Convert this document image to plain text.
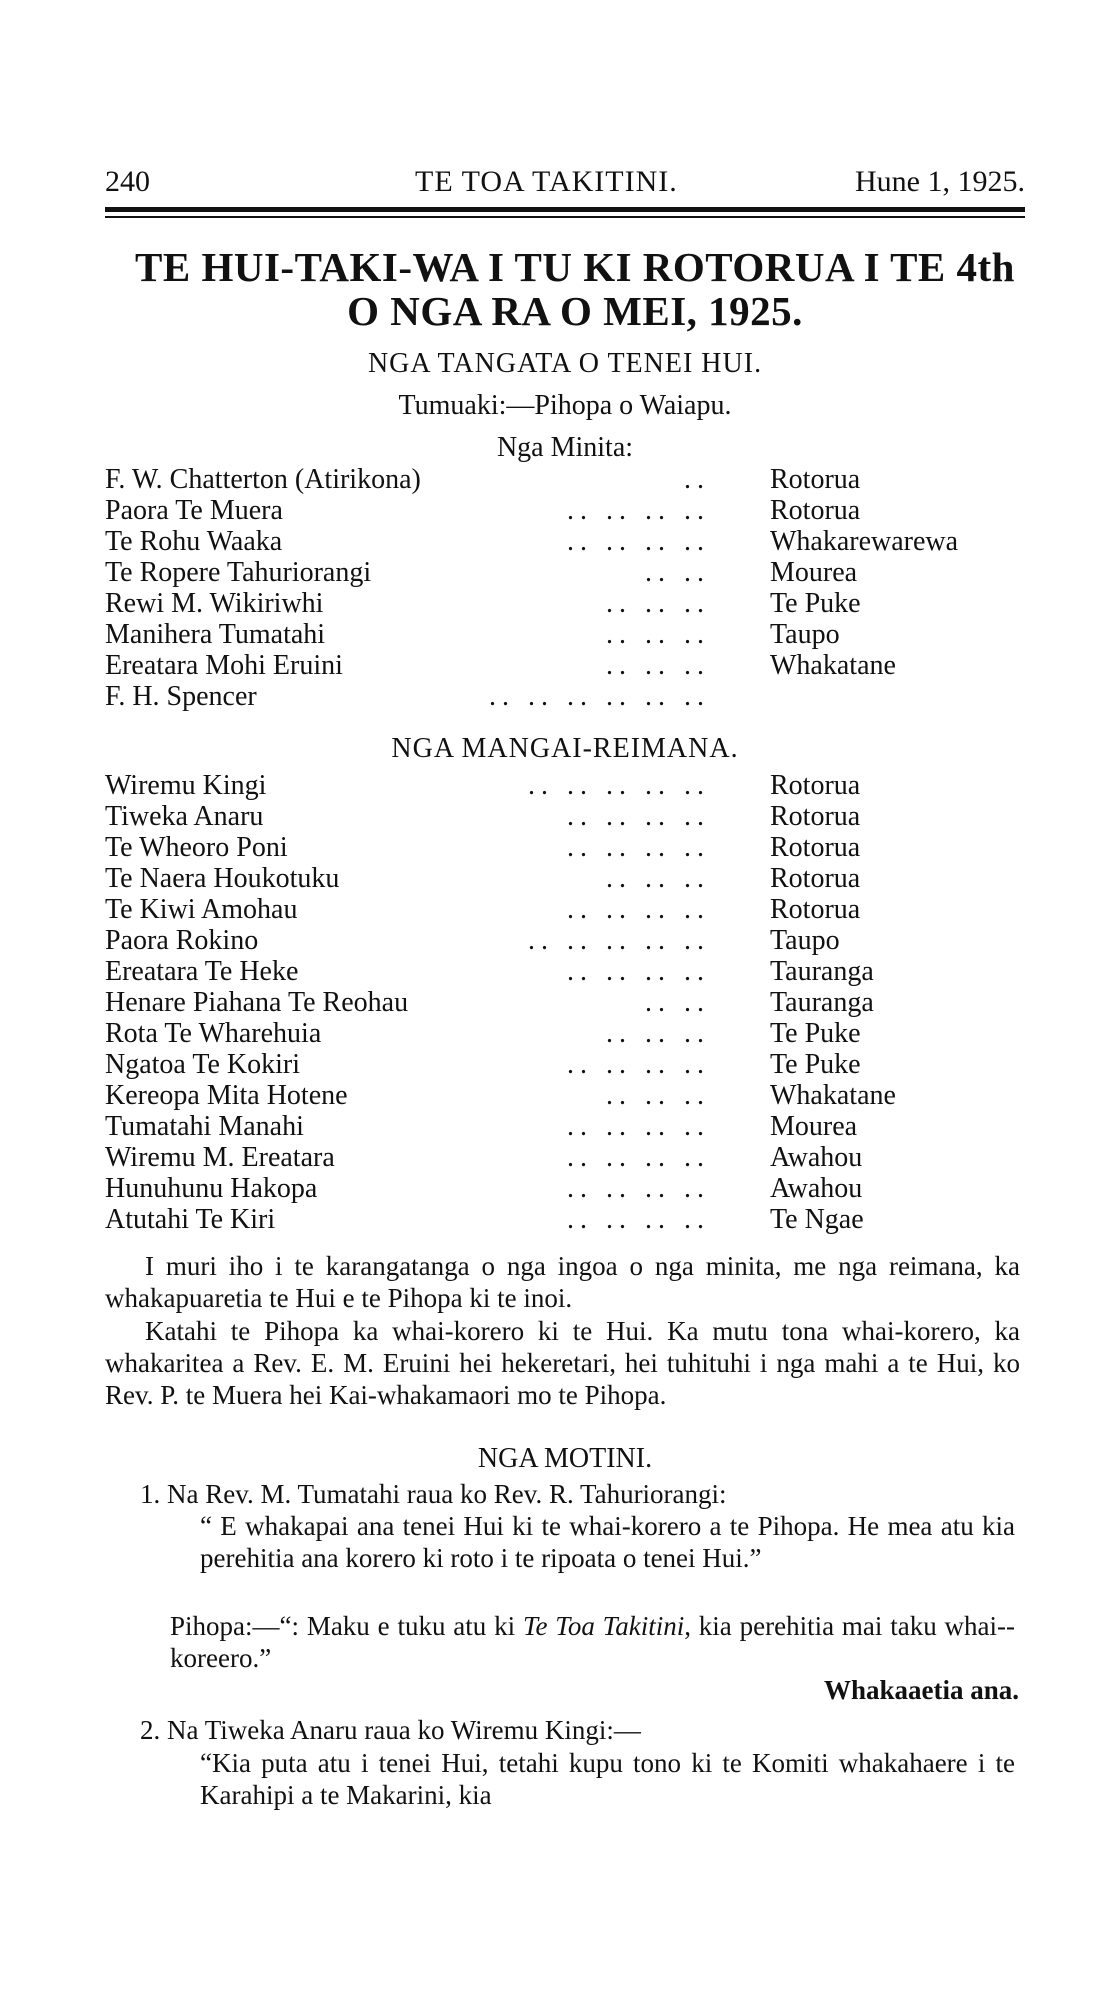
240	TE TOA TAKITINI.	Hune 1, 1925.
TE HUI-TAKI-WA I TU KI ROTORUA I TE 4th
O NGA RA O MEI, 1925.
NGA TANGATA O TENEI HUI.
Tumuaki:—Pihopa o Waiapu.
Nga Minita:
F. W. Chatterton (Atirikona)	.. Rotorua
Paora Te Muera	.. .. .. .. Rotorua
Te Rohu Waaka	.. .. .. .. Whakarewarewa
Te Ropere Tahuriorangi	.. .. Mourea
Rewi M. Wikiriwhi	.. .. .. Te Puke
Manihera Tumatahi	.. .. .. Taupo
Ereatara Mohi Eruini	.. .. .. Whakatane
F. H. Spencer	.. .. .. .. .. ..
NGA MANGAI-REIMANA.
Wiremu Kingi	.. .. .. .. .. Rotorua
Tiweka Anaru	.. .. .. .. Rotorua
Te Wheoro Poni	.. .. .. .. Rotorua
Te Naera Houkotuku	.. .. .. Rotorua
Te Kiwi Amohau	.. .. .. .. Rotorua
Paora Rokino	.. .. .. .. .. Taupo
Ereatara Te Heke	.. .. .. .. Tauranga
Henare Piahana Te Reohau	.. .. Tauranga
Rota Te Wharehuia	.. .. .. Te Puke
Ngatoa Te Kokiri	.. .. .. .. Te Puke
Kereopa Mita Hotene	.. .. .. Whakatane
Tumatahi Manahi	.. .. .. .. Mourea
Wiremu M. Ereatara	.. .. .. .. Awahou
Hunuhunu Hakopa	.. .. .. .. Awahou
Atutahi Te Kiri	.. .. .. .. Te Ngae

I muri iho i te karangatanga o nga ingoa o nga minita, me nga reimana, ka whakapuaretia te Hui e te Pihopa ki te inoi.

Katahi te Pihopa ka whai-korero ki te Hui. Ka mutu tona whai-korero, ka whakaritea a Rev. E. M. Eruini hei hekeretari, hei tuhituhi i nga mahi a te Hui, ko Rev. P. te Muera hei Kai-whakamaori mo te Pihopa.

NGA MOTINI.
1. Na Rev. M. Tumatahi raua ko Rev. R. Tahuriorangi:

“ E whakapai ana tenei Hui ki te whai-korero a te Pihopa. He mea atu kia perehitia ana korero ki roto i te ripoata o tenei Hui.”

Pihopa:—“: Maku e tuku atu ki Te Toa Takitini, kia perehitia mai taku whai--koreero.”

Whakaaetia ana.
2. Na Tiweka Anaru raua ko Wiremu Kingi:—

“Kia puta atu i tenei Hui, tetahi kupu tono ki te Komiti whakahaere i te Karahipi a te Makarini, kia
